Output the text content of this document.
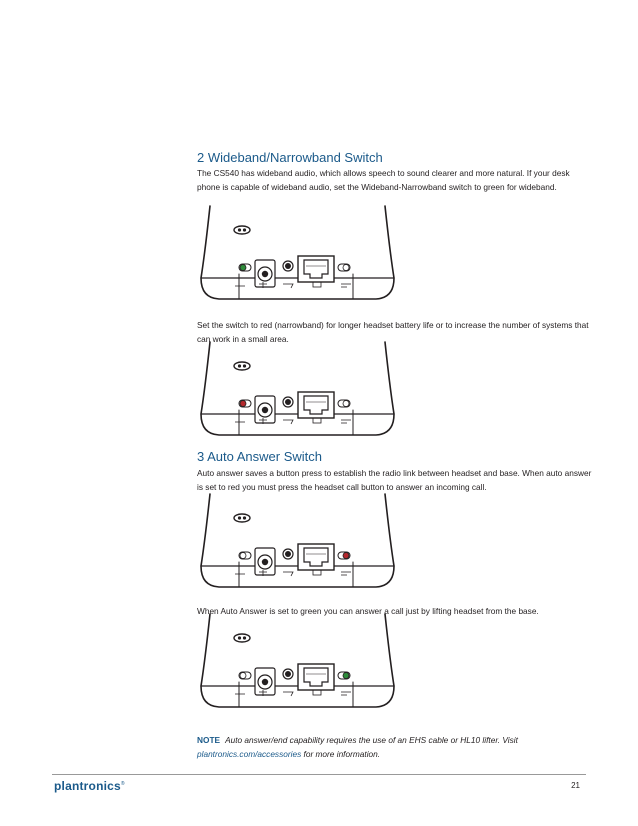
2 Wideband/Narrowband Switch

The CS540 has wideband audio, which allows speech to sound clearer and more natural. If your desk phone is capable of wideband audio, set the Wideband-Narrowband switch to green for wideband.

Set the switch to red (narrowband) for longer headset battery life or to increase the number of systems that can work in a small area.

3 Auto Answer Switch

Auto answer saves a button press to establish the radio link between headset and base. When auto answer is set to red you must press the headset call button to answer an incoming call.

When Auto Answer is set to green you can answer a call just by lifting headset from the base.

NOTE Auto answer/end capability requires the use of an EHS cable or HL10 lifter. Visit plantronics.com/accessories for more information.

plantronics®	21
